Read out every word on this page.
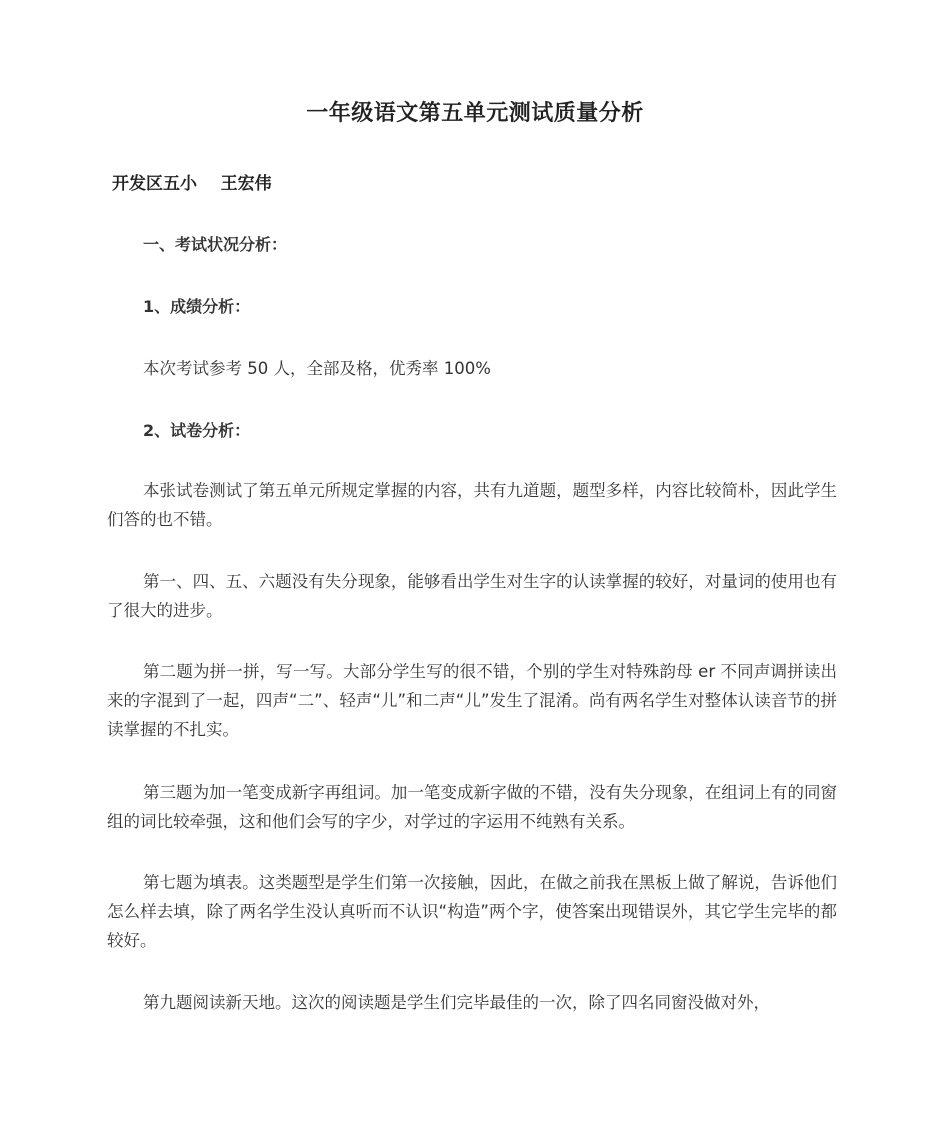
一年级语文第五单元测试质量分析
开发区五小    王宏伟
一、考试状况分析：
1、成绩分析：
本次考试参考 50 人，全部及格，优秀率 100%
2、试卷分析：
本张试卷测试了第五单元所规定掌握的内容，共有九道题，题型多样，内容比较简朴，因此学生们答的也不错。
第一、四、五、六题没有失分现象，能够看出学生对生字的认读掌握的较好，对量词的使用也有了很大的进步。
第二题为拼一拼，写一写。大部分学生写的很不错，个别的学生对特殊韵母 er 不同声调拼读出来的字混到了一起，四声“二”、轻声“儿”和二声“儿”发生了混淆。尚有两名学生对整体认读音节的拼读掌握的不扎实。
第三题为加一笔变成新字再组词。加一笔变成新字做的不错，没有失分现象，在组词上有的同窗组的词比较牵强，这和他们会写的字少，对学过的字运用不纯熟有关系。
第七题为填表。这类题型是学生们第一次接触，因此，在做之前我在黑板上做了解说，告诉他们怎么样去填，除了两名学生没认真听而不认识“构造”两个字，使答案出现错误外，其它学生完毕的都较好。
第九题阅读新天地。这次的阅读题是学生们完毕最佳的一次，除了四名同窗没做对外，
